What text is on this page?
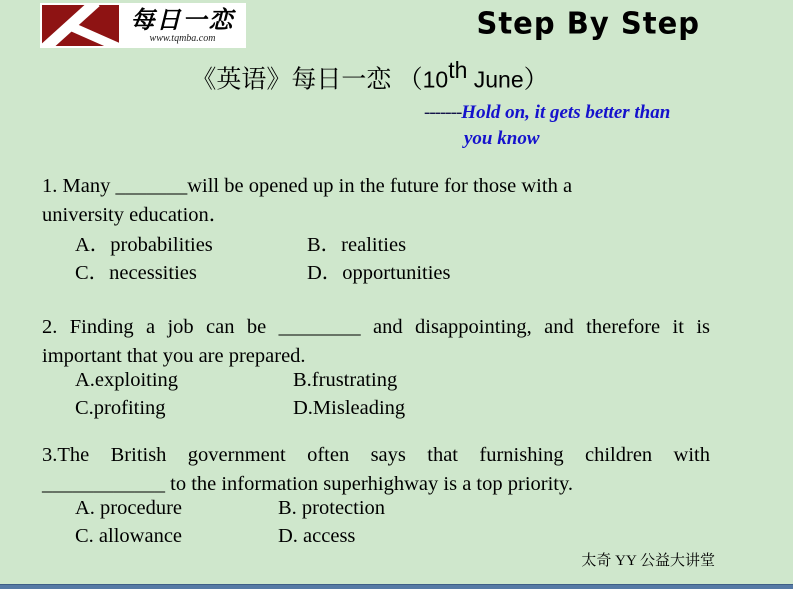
每日一恋
www.tqmba.com	Step By Step
《英语》每日一恋 （10th June）
-------Hold on, it gets better than
you know
1. Many _______will be opened up in the future for those with a
university education．
A．probabilities	B．realities
C．necessities	D．opportunities
2. Finding a job can be ________ and disappointing, and therefore it is
important that you are prepared.
A.exploiting	B.frustrating
C.profiting	D.Misleading
3.The British government often says that furnishing children with
____________ to the information superhighway is a top priority.
A. procedure	B. protection
C. allowance	D. access
太奇 YY 公益大讲堂
